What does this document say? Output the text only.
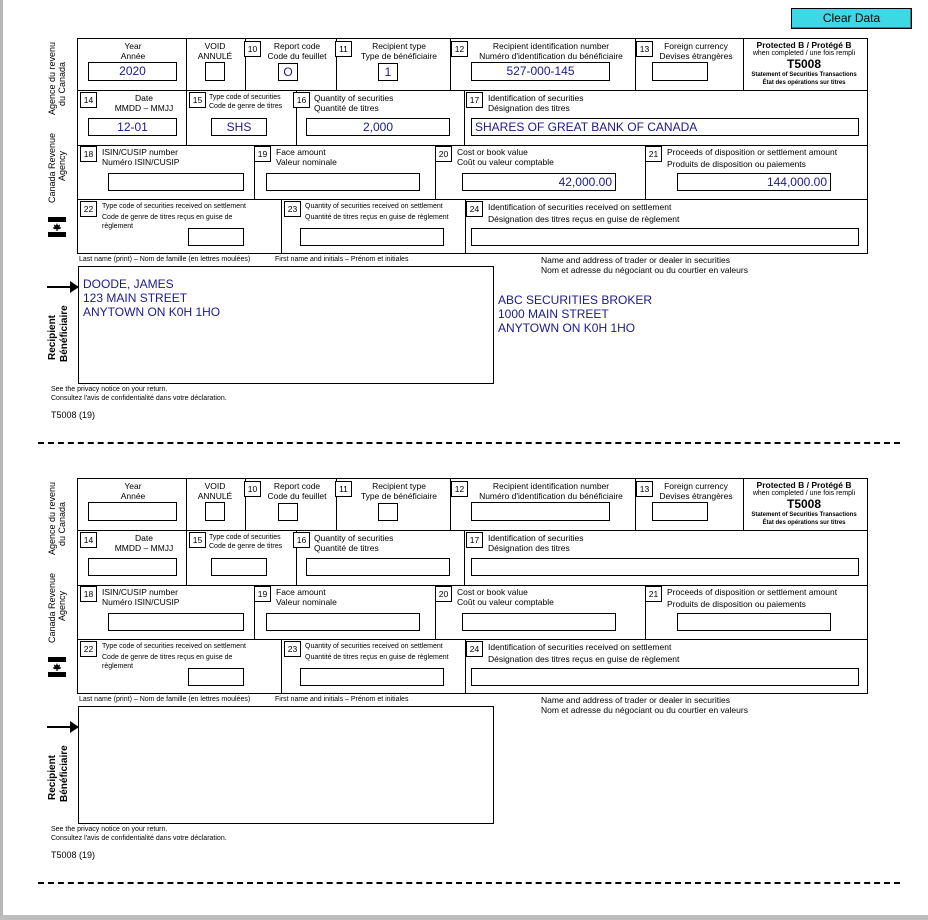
Clear Data
Year
Année
2020
VOID
ANNULÉ
10	Report code
Code du feuillet
O
11	Recipient type
Type de bénéficiaire
1
12	Recipient identification number
Numéro d'identification du bénéficiaire
527-000-145
13	Foreign currency
Devises étrangères
Protected B / Protégé B
when completed / une fois rempli
T5008
Statement of Securities Transactions
État des opérations sur titres
14	Date
MMDD – MMJJ
12-01
15 Type code of securities
Code de genre de titres
SHS
16 Quantity of securities
Quantité de titres
2,000
17	Identification of securities
Désignation des titres
SHARES OF GREAT BANK OF CANADA
18	ISIN/CUSIP number
Numéro ISIN/CUSIP
19	Face amount
Valeur nominale
20	Cost or book value
Coût ou valeur comptable
42,000.00
21	Proceeds of disposition or settlement amount
Produits de disposition ou paiements
144,000.00
22	Type code of securities received on settlement
Code de genre de titres reçus en guise de règlement
23	Quantity of securities received on settlement
Quantité de titres reçus en guise de règlement
24	Identification of securities received on settlement
Désignation des titres reçus en guise de règlement
Agence du revenu du Canada
Canada Revenue Agency
Last name (print) – Nom de famille (en lettres moulées)	First name and initials – Prénom et initiales	Name and address of trader or dealer in securities
Nom et adresse du négociant ou du courtier en valeurs
DOODE, JAMES
123 MAIN STREET
ANYTOWN ON K0H 1HO
ABC SECURITIES BROKER
1000 MAIN STREET
ANYTOWN ON K0H 1HO
Recipient Bénéficiaire
See the privacy notice on your return.
Consultez l'avis de confidentialité dans votre déclaration.
T5008 (19)
Year
Année
VOID
ANNULÉ
10	Report code
Code du feuillet
11	Recipient type
Type de bénéficiaire
12	Recipient identification number
Numéro d'identification du bénéficiaire
13	Foreign currency
Devises étrangères
Protected B / Protégé B
when completed / une fois rempli
T5008
Statement of Securities Transactions
État des opérations sur titres
14	Date
MMDD – MMJJ
15 Type code of securities
Code de genre de titres
16 Quantity of securities
Quantité de titres
17	Identification of securities
Désignation des titres
18	ISIN/CUSIP number
Numéro ISIN/CUSIP
19	Face amount
Valeur nominale
20	Cost or book value
Coût ou valeur comptable
21	Proceeds of disposition or settlement amount
Produits de disposition ou paiements
22	Type code of securities received on settlement
Code de genre de titres reçus en guise de règlement
23	Quantity of securities received on settlement
Quantité de titres reçus en guise de règlement
24	Identification of securities received on settlement
Désignation des titres reçus en guise de règlement
Agence du revenu du Canada
Canada Revenue Agency
Last name (print) – Nom de famille (en lettres moulées)	First name and initials – Prénom et initiales	Name and address of trader or dealer in securities
Nom et adresse du négociant ou du courtier en valeurs
Recipient Bénéficiaire
See the privacy notice on your return.
Consultez l'avis de confidentialité dans votre déclaration.
T5008 (19)
